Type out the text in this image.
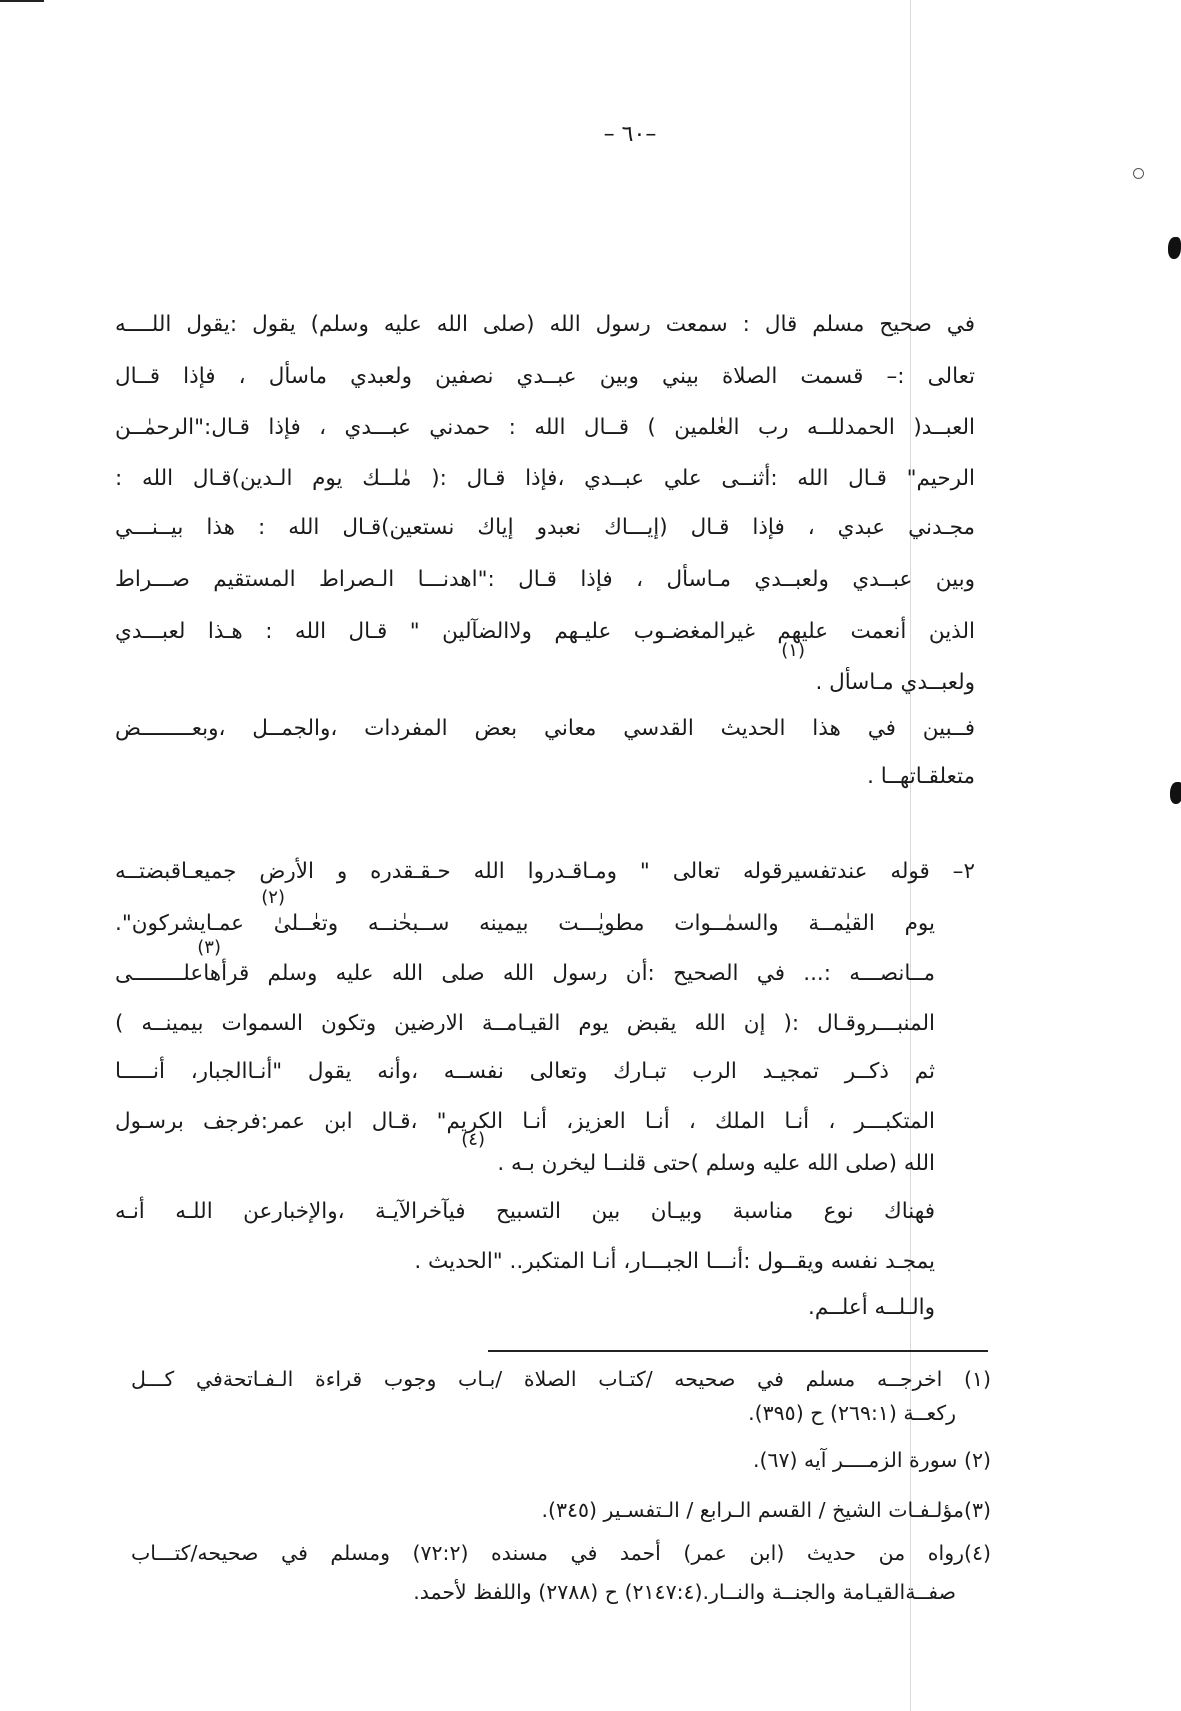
–٦٠ –
في صحيح مسلم قال : سمعت رسول الله (صلى الله عليه وسلم) يقول :يقول اللــــه
تعالى :– قسمت الصلاة بيني وبين عبــدي نصفين ولعبدي ماسأل ، فإذا قــال
العبــد( الحمدللــه رب العٰلمين ) قــال الله : حمدني عبـــدي ، فإذا قـال:"الرحمٰــن
الرحيم" قـال الله :أثنــى علي عبــدي ،فإذا قـال :( مٰلــك يوم الـدين)قـال الله :
مجـدني عبدي ، فإذا قـال (إيـــاك نعبدو إياك نستعين)قـال الله : هذا بيــنـــي
وبين عبــدي ولعبــدي مـاسأل ، فإذا قـال :"اهدنـــا الـصراط المستقيم صـــراط
الذين أنعمت عليهم غيرالمغضـوب عليـهم ولاالضآلين " قـال الله : هـذا لعبـــدي
(١)
ولعبــدي مـاسأل .
فــبين في هذا الحديث القدسي معاني بعض المفردات ،والجمــل ،وبعــــــــض
متعلقـاتهــا .
٢– قوله عندتفسيرقوله تعالى " ومـاقـدروا الله حـقـقدره و الأرض جميعـاقبضتــه
(٢)
يوم القيٰمــة والسمٰــوات مطويٰـــت بيمينه ســبحٰنــه وتعٰــلىٰ عمـايشركون".
(٣)
مــانصـــه :... في الصحيح :أن رسول الله صلى الله عليه وسلم قرأهاعلــــــــى
المنبـــروقـال :( إن الله يقبض يوم القيـامــة الارضين وتكون السموات بيمينــه )
ثم ذكــر تمجيـد الرب تبـارك وتعالى نفســه ،وأنه يقول "أنـاالجبار، أنـــــا
المتكبـــر ، أنـا الملك ، أنـا العزيز، أنـا الكريم" ،قـال ابن عمر:فرجف برسـول
(٤)
الله (صلى الله عليه وسلم )حتى قلنــا ليخرن بـه .
فهناك نوع مناسبة وبيـان بين التسبيح فيآخرالآيـة ،والإخبارعن اللـه أنـه
يمجـد نفسه ويقــول :أنـــا الجبـــار، أنـا المتكبر.. "الحديث .
والـلــه أعلــم.
(١) اخرجــه مسلم في صحيحه /كتـاب الصلاة /بـاب وجوب قراءة الـفـاتحةفي كـــل
ركعــة (٢٦٩:١) ح (٣٩٥).
(٢) سورة الزمــــر آيه (٦٧).
(٣)مؤلـفـات الشيخ / القسم الـرابع / الـتفسـير (٣٤٥).
(٤)رواه من حديث (ابن عمر) أحمد في مسنده (٧٢:٢) ومسلم في صحيحه/كتـــاب
صفــةالقيـامة والجنــة والنــار.(٢١٤٧:٤) ح (٢٧٨٨) واللفظ لأحمد.
